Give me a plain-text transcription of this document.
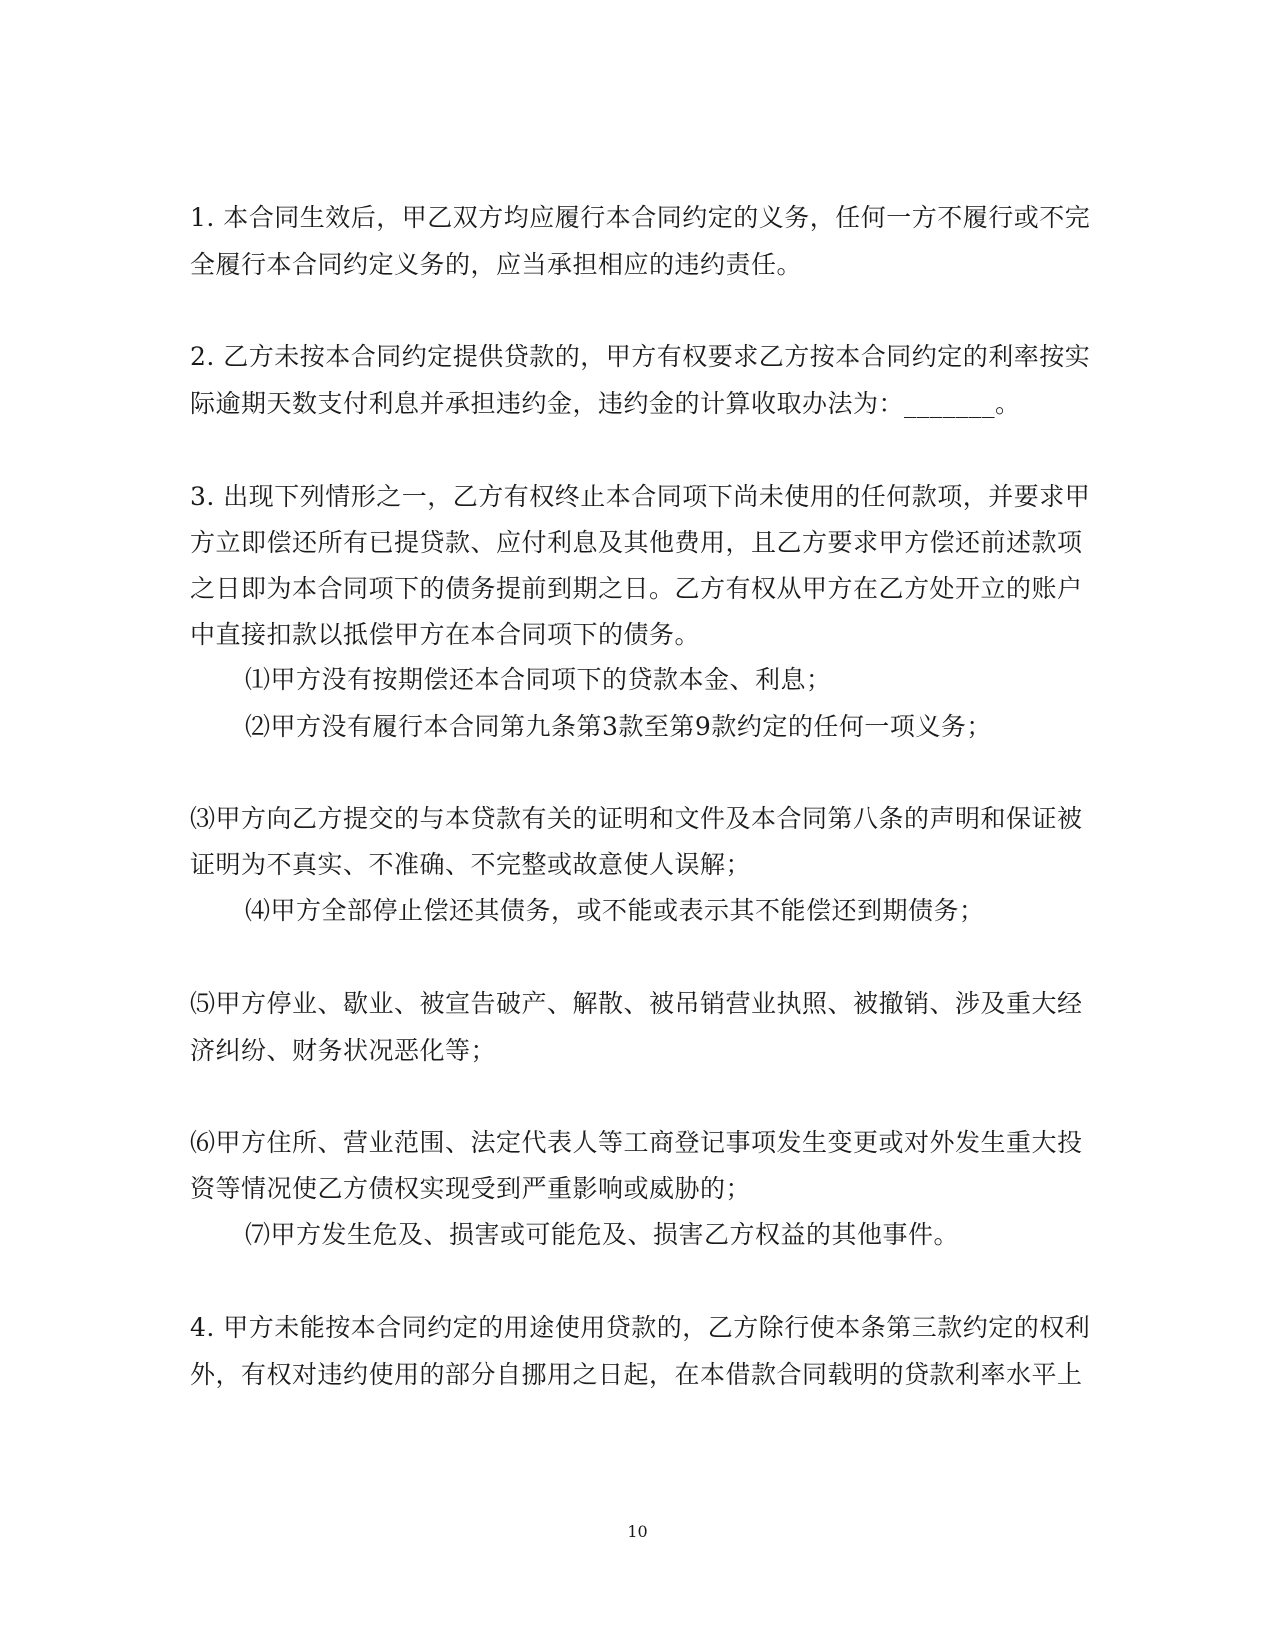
1. 本合同生效后，甲乙双方均应履行本合同约定的义务，任何一方不履行或不完
全履行本合同约定义务的，应当承担相应的违约责任。
2. 乙方未按本合同约定提供贷款的，甲方有权要求乙方按本合同约定的利率按实
际逾期天数支付利息并承担违约金，违约金的计算收取办法为：_______。
3. 出现下列情形之一，乙方有权终止本合同项下尚未使用的任何款项，并要求甲
方立即偿还所有已提贷款、应付利息及其他费用，且乙方要求甲方偿还前述款项
之日即为本合同项下的债务提前到期之日。乙方有权从甲方在乙方处开立的账户
中直接扣款以抵偿甲方在本合同项下的债务。
⑴甲方没有按期偿还本合同项下的贷款本金、利息；
⑵甲方没有履行本合同第九条第3款至第9款约定的任何一项义务；
⑶甲方向乙方提交的与本贷款有关的证明和文件及本合同第八条的声明和保证被
证明为不真实、不准确、不完整或故意使人误解；
⑷甲方全部停止偿还其债务，或不能或表示其不能偿还到期债务；
⑸甲方停业、歇业、被宣告破产、解散、被吊销营业执照、被撤销、涉及重大经
济纠纷、财务状况恶化等；
⑹甲方住所、营业范围、法定代表人等工商登记事项发生变更或对外发生重大投
资等情况使乙方债权实现受到严重影响或威胁的；
⑺甲方发生危及、损害或可能危及、损害乙方权益的其他事件。
4. 甲方未能按本合同约定的用途使用贷款的，乙方除行使本条第三款约定的权利
外，有权对违约使用的部分自挪用之日起，在本借款合同载明的贷款利率水平上
10
